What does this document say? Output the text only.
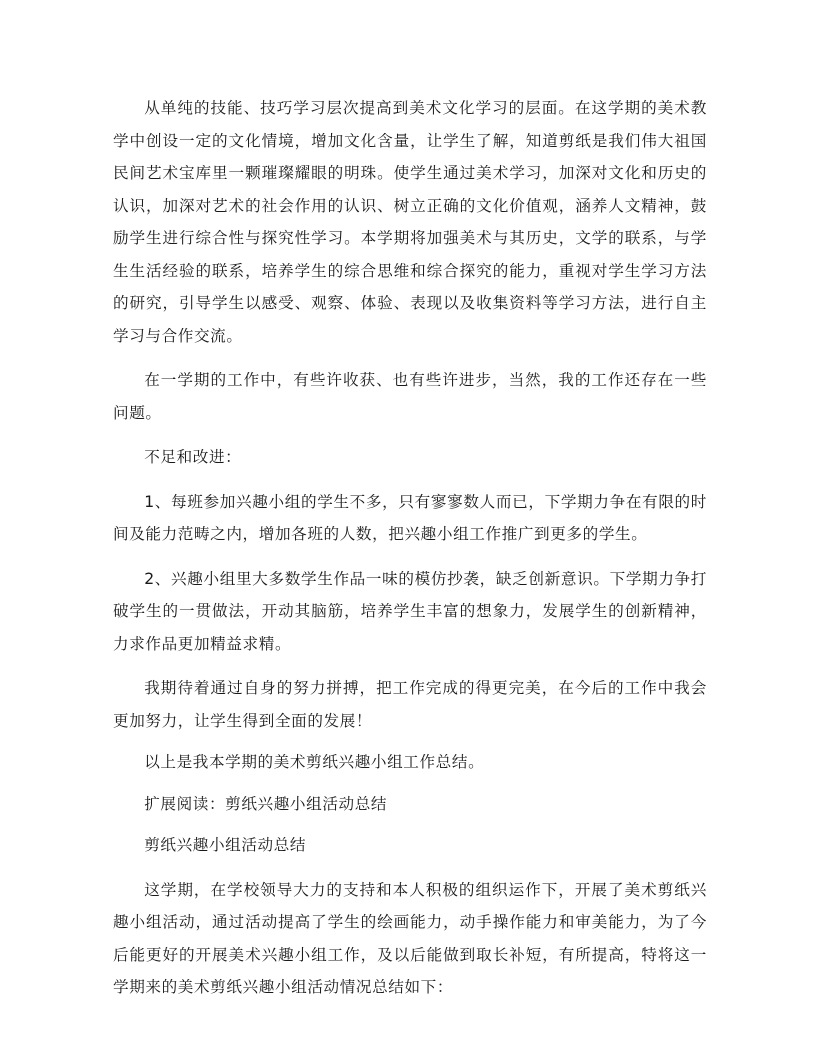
从单纯的技能、技巧学习层次提高到美术文化学习的层面。在这学期的美术教学中创设一定的文化情境，增加文化含量，让学生了解，知道剪纸是我们伟大祖国民间艺术宝库里一颗璀璨耀眼的明珠。使学生通过美术学习，加深对文化和历史的认识，加深对艺术的社会作用的认识、树立正确的文化价值观，涵养人文精神，鼓励学生进行综合性与探究性学习。本学期将加强美术与其历史，文学的联系，与学生生活经验的联系，培养学生的综合思维和综合探究的能力，重视对学生学习方法的研究，引导学生以感受、观察、体验、表现以及收集资料等学习方法，进行自主学习与合作交流。

在一学期的工作中，有些许收获、也有些许进步，当然，我的工作还存在一些问题。

不足和改进：

1、每班参加兴趣小组的学生不多，只有寥寥数人而已，下学期力争在有限的时间及能力范畴之内，增加各班的人数，把兴趣小组工作推广到更多的学生。

2、兴趣小组里大多数学生作品一味的模仿抄袭，缺乏创新意识。下学期力争打破学生的一贯做法，开动其脑筋，培养学生丰富的想象力，发展学生的创新精神，力求作品更加精益求精。

我期待着通过自身的努力拼搏，把工作完成的得更完美，在今后的工作中我会更加努力，让学生得到全面的发展！

以上是我本学期的美术剪纸兴趣小组工作总结。

扩展阅读：剪纸兴趣小组活动总结

剪纸兴趣小组活动总结

这学期，在学校领导大力的支持和本人积极的组织运作下，开展了美术剪纸兴趣小组活动，通过活动提高了学生的绘画能力，动手操作能力和审美能力，为了今后能更好的开展美术兴趣小组工作，及以后能做到取长补短，有所提高，特将这一学期来的美术剪纸兴趣小组活动情况总结如下：
